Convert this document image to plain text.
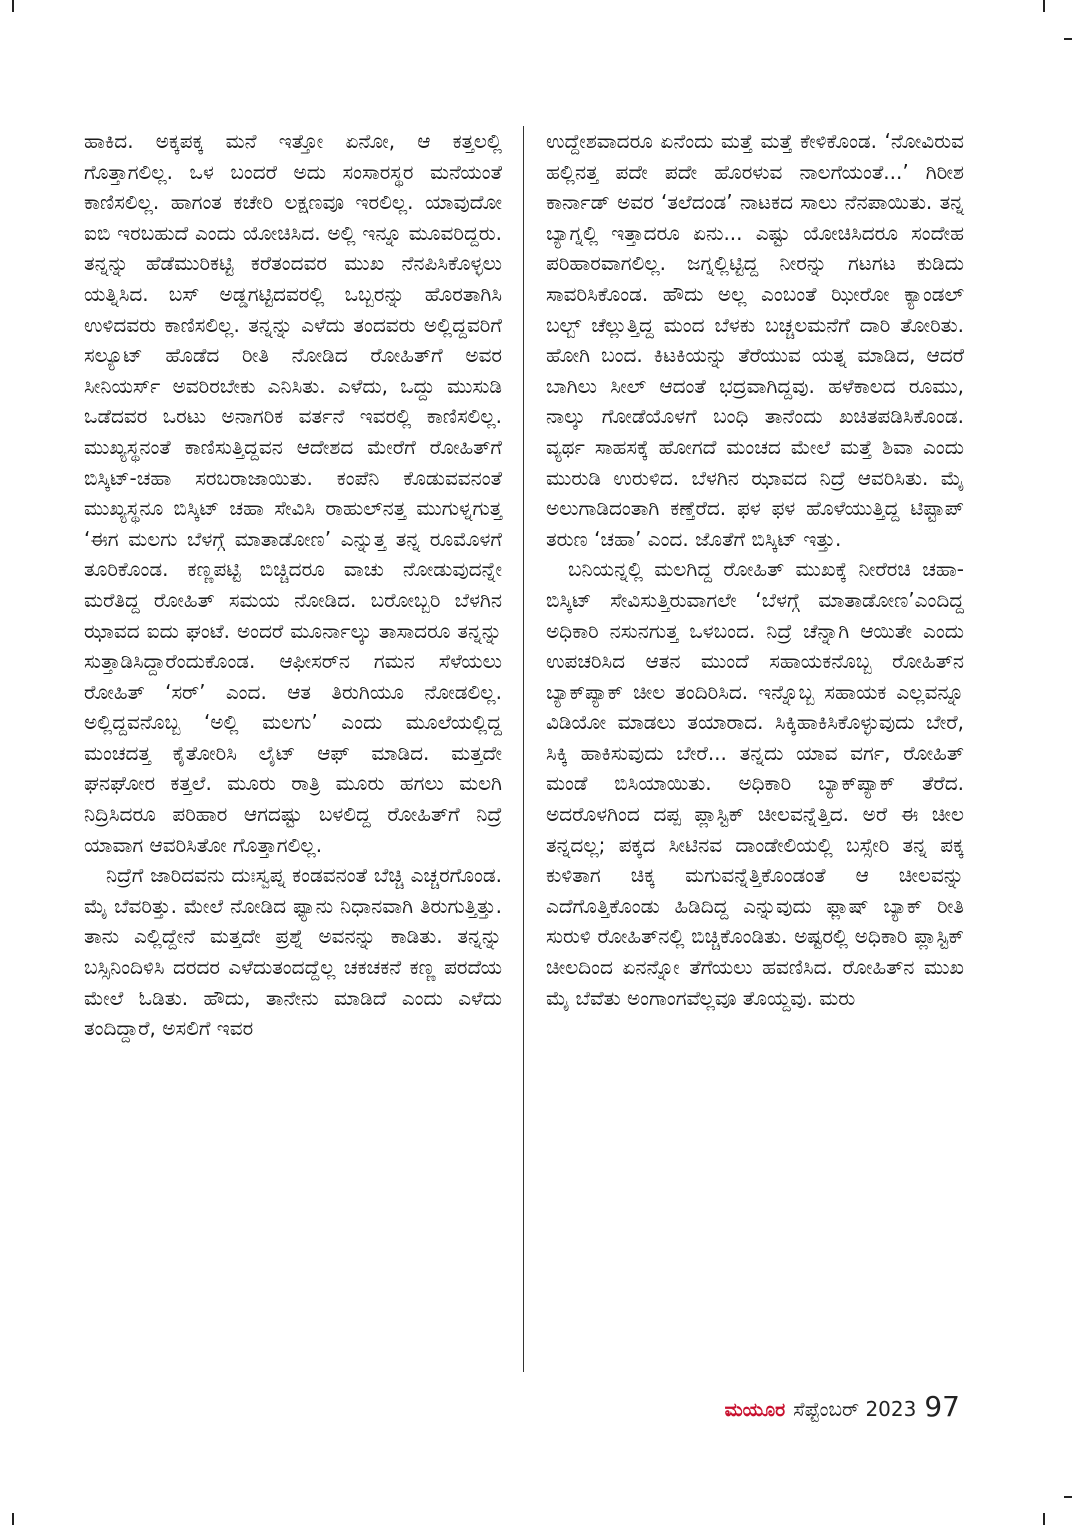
ಹಾಕಿದ. ಅಕ್ಕಪಕ್ಕ ಮನೆ ಇತ್ತೋ ಏನೋ, ಆ ಕತ್ತಲಲ್ಲಿ ಗೊತ್ತಾಗಲಿಲ್ಲ. ಒಳ ಬಂದರೆ ಅದು ಸಂಸಾರಸ್ಥರ ಮನೆಯಂತೆ ಕಾಣಿಸಲಿಲ್ಲ. ಹಾಗಂತ ಕಚೇರಿ ಲಕ್ಷಣವೂ ಇರಲಿಲ್ಲ. ಯಾವುದೋ ಐಬಿ ಇರಬಹುದೆ ಎಂದು ಯೋಚಿಸಿದ. ಅಲ್ಲಿ ಇನ್ನೂ ಮೂವರಿದ್ದರು. ತನ್ನನ್ನು ಹೆಡೆಮುರಿಕಟ್ಟಿ ಕರೆತಂದವರ ಮುಖ ನೆನಪಿಸಿಕೊಳ್ಳಲು ಯತ್ನಿಸಿದ. ಬಸ್ ಅಡ್ಡಗಟ್ಟಿದವರಲ್ಲಿ ಒಬ್ಬರನ್ನು ಹೊರತಾಗಿಸಿ ಉಳಿದವರು ಕಾಣಿಸಲಿಲ್ಲ. ತನ್ನನ್ನು ಎಳೆದು ತಂದವರು ಅಲ್ಲಿದ್ದವರಿಗೆ ಸಲ್ಯೂಟ್ ಹೊಡೆದ ರೀತಿ ನೋಡಿದ ರೋಹಿತ್‌ಗೆ ಅವರ ಸೀನಿಯರ್ಸ್ ಅವರಿರಬೇಕು ಎನಿಸಿತು. ಎಳೆದು, ಒದ್ದು ಮುಸುಡಿ ಒಡೆದವರ ಒರಟು ಅನಾಗರಿಕ ವರ್ತನೆ ಇವರಲ್ಲಿ ಕಾಣಿಸಲಿಲ್ಲ. ಮುಖ್ಯಸ್ಥನಂತೆ ಕಾಣಿಸುತ್ತಿದ್ದವನ ಆದೇಶದ ಮೇರೆಗೆ ರೋಹಿತ್‌ಗೆ ಬಿಸ್ಕಿಟ್-ಚಹಾ ಸರಬರಾಜಾಯಿತು. ಕಂಪೆನಿ ಕೊಡುವವನಂತೆ ಮುಖ್ಯಸ್ಥನೂ ಬಿಸ್ಕಿಟ್ ಚಹಾ ಸೇವಿಸಿ ರಾಹುಲ್‌ನತ್ತ ಮುಗುಳ್ನಗುತ್ತ ‘ಈಗ ಮಲಗು ಬೆಳಗ್ಗೆ ಮಾತಾಡೋಣ’ ಎನ್ನುತ್ತ ತನ್ನ ರೂಮೊಳಗೆ ತೂರಿಕೊಂಡ. ಕಣ್ಣಪಟ್ಟಿ ಬಿಚ್ಚಿದರೂ ವಾಚು ನೋಡುವುದನ್ನೇ ಮರೆತಿದ್ದ ರೋಹಿತ್ ಸಮಯ ನೋಡಿದ. ಬರೋಬ್ಬರಿ ಬೆಳಗಿನ ಝಾವದ ಐದು ಘಂಟೆ. ಅಂದರೆ ಮೂರ್ನಾಲ್ಕು ತಾಸಾದರೂ ತನ್ನನ್ನು ಸುತ್ತಾಡಿಸಿದ್ದಾರೆಂದುಕೊಂಡ. ಆಫೀಸರ್‌ನ ಗಮನ ಸೆಳೆಯಲು ರೋಹಿತ್ ‘ಸರ್’ ಎಂದ. ಆತ ತಿರುಗಿಯೂ ನೋಡಲಿಲ್ಲ. ಅಲ್ಲಿದ್ದವನೊಬ್ಬ ‘ಅಲ್ಲಿ ಮಲಗು’ ಎಂದು ಮೂಲೆಯಲ್ಲಿದ್ದ ಮಂಚದತ್ತ ಕೈತೋರಿಸಿ ಲೈಟ್ ಆಫ್ ಮಾಡಿದ. ಮತ್ತದೇ ಘನಘೋರ ಕತ್ತಲೆ. ಮೂರು ರಾತ್ರಿ ಮೂರು ಹಗಲು ಮಲಗಿ ನಿದ್ರಿಸಿದರೂ ಪರಿಹಾರ ಆಗದಷ್ಟು ಬಳಲಿದ್ದ ರೋಹಿತ್‌ಗೆ ನಿದ್ರೆ ಯಾವಾಗ ಆವರಿಸಿತೋ ಗೊತ್ತಾಗಲಿಲ್ಲ.

ನಿದ್ರೆಗೆ ಜಾರಿದವನು ದುಃಸ್ವಪ್ನ ಕಂಡವನಂತೆ ಬೆಚ್ಚಿ ಎಚ್ಚರಗೊಂಡ. ಮೈ ಬೆವರಿತ್ತು. ಮೇಲೆ ನೋಡಿದ ಫ್ಯಾನು ನಿಧಾನವಾಗಿ ತಿರುಗುತ್ತಿತ್ತು. ತಾನು ಎಲ್ಲಿದ್ದೇನೆ ಮತ್ತದೇ ಪ್ರಶ್ನೆ ಅವನನ್ನು ಕಾಡಿತು. ತನ್ನನ್ನು ಬಸ್ಸಿನಿಂದಿಳಿಸಿ ದರದರ ಎಳೆದುತಂದದ್ದೆಲ್ಲ ಚಕಚಕನೆ ಕಣ್ಣ ಪರದೆಯ ಮೇಲೆ ಓಡಿತು. ಹೌದು, ತಾನೇನು ಮಾಡಿದೆ ಎಂದು ಎಳೆದು ತಂದಿದ್ದಾರೆ, ಅಸಲಿಗೆ ಇವರ

ಉದ್ದೇಶವಾದರೂ ಏನೆಂದು ಮತ್ತೆ ಮತ್ತೆ ಕೇಳಿಕೊಂಡ. ‘ನೋವಿರುವ ಹಲ್ಲಿನತ್ತ ಪದೇ ಪದೇ ಹೊರಳುವ ನಾಲಗೆಯಂತೆ...’ ಗಿರೀಶ ಕಾರ್ನಾಡ್ ಅವರ ‘ತಲೆದಂಡ’ ನಾಟಕದ ಸಾಲು ನೆನಪಾಯಿತು. ತನ್ನ ಬ್ಯಾಗ್ನಲ್ಲಿ ಇತ್ತಾದರೂ ಏನು... ಎಷ್ಟು ಯೋಚಿಸಿದರೂ ಸಂದೇಹ ಪರಿಹಾರವಾಗಲಿಲ್ಲ. ಜಗ್ನಲ್ಲಿಟ್ಟಿದ್ದ ನೀರನ್ನು ಗಟಗಟ ಕುಡಿದು ಸಾವರಿಸಿಕೊಂಡ. ಹೌದು ಅಲ್ಲ ಎಂಬಂತೆ ಝೀರೋ ಕ್ಯಾಂಡಲ್ ಬಲ್ಬ್ ಚೆಲ್ಲುತ್ತಿದ್ದ ಮಂದ ಬೆಳಕು ಬಚ್ಚಲಮನೆಗೆ ದಾರಿ ತೋರಿತು. ಹೋಗಿ ಬಂದ. ಕಿಟಕಿಯನ್ನು ತೆರೆಯುವ ಯತ್ನ ಮಾಡಿದ, ಆದರೆ ಬಾಗಿಲು ಸೀಲ್ ಆದಂತೆ ಭದ್ರವಾಗಿದ್ದವು. ಹಳೆಕಾಲದ ರೂಮು, ನಾಲ್ಕು ಗೋಡೆಯೊಳಗೆ ಬಂಧಿ ತಾನೆಂದು ಖಚಿತಪಡಿಸಿಕೊಂಡ. ವ್ಯರ್ಥ ಸಾಹಸಕ್ಕೆ ಹೋಗದೆ ಮಂಚದ ಮೇಲೆ ಮತ್ತೆ ಶಿವಾ ಎಂದು ಮುರುಡಿ ಉರುಳಿದ. ಬೆಳಗಿನ ಝಾವದ ನಿದ್ರೆ ಆವರಿಸಿತು. ಮೈ ಅಲುಗಾಡಿದಂತಾಗಿ ಕಣ್ತೆರೆದ. ಫಳ ಫಳ ಹೊಳೆಯುತ್ತಿದ್ದ ಟಿಪ್ಟಾಪ್ ತರುಣ ‘ಚಹಾ’ ಎಂದ. ಜೊತೆಗೆ ಬಿಸ್ಕಿಟ್ ಇತ್ತು.

ಬನಿಯನ್ನಲ್ಲಿ ಮಲಗಿದ್ದ ರೋಹಿತ್ ಮುಖಕ್ಕೆ ನೀರೆರಚಿ ಚಹಾ-ಬಿಸ್ಕಿಟ್ ಸೇವಿಸುತ್ತಿರುವಾಗಲೇ ‘ಬೆಳಗ್ಗೆ ಮಾತಾಡೋಣ’ಎಂದಿದ್ದ ಅಧಿಕಾರಿ ನಸುನಗುತ್ತ ಒಳಬಂದ. ನಿದ್ರೆ ಚೆನ್ನಾಗಿ ಆಯಿತೇ ಎಂದು ಉಪಚರಿಸಿದ ಆತನ ಮುಂದೆ ಸಹಾಯಕನೊಬ್ಬ ರೋಹಿತ್‌ನ ಬ್ಯಾಕ್‌ಪ್ಯಾಕ್ ಚೀಲ ತಂದಿರಿಸಿದ. ಇನ್ನೊಬ್ಬ ಸಹಾಯಕ ಎಲ್ಲವನ್ನೂ ವಿಡಿಯೋ ಮಾಡಲು ತಯಾರಾದ. ಸಿಕ್ಕಿಹಾಕಿಸಿಕೊಳ್ಳುವುದು ಬೇರೆ, ಸಿಕ್ಕಿ ಹಾಕಿಸುವುದು ಬೇರೆ... ತನ್ನದು ಯಾವ ವರ್ಗ, ರೋಹಿತ್ ಮಂಡೆ ಬಿಸಿಯಾಯಿತು. ಅಧಿಕಾರಿ ಬ್ಯಾಕ್‌ಪ್ಯಾಕ್ ತೆರೆದ. ಅದರೊಳಗಿಂದ ದಪ್ಪ ಪ್ಲಾಸ್ಟಿಕ್ ಚೀಲವನ್ನೆತ್ತಿದ. ಅರೆ ಈ ಚೀಲ ತನ್ನದಲ್ಲ; ಪಕ್ಕದ ಸೀಟಿನವ ದಾಂಡೇಲಿಯಲ್ಲಿ ಬಸ್ಸೇರಿ ತನ್ನ ಪಕ್ಕ ಕುಳಿತಾಗ ಚಿಕ್ಕ ಮಗುವನ್ನೆತ್ತಿಕೊಂಡಂತೆ ಆ ಚೀಲವನ್ನು ಎದೆಗೊತ್ತಿಕೊಂಡು ಹಿಡಿದಿದ್ದ ಎನ್ನುವುದು ಫ್ಲಾಷ್ ಬ್ಯಾಕ್ ರೀತಿ ಸುರುಳಿ ರೋಹಿತ್‌ನಲ್ಲಿ ಬಿಚ್ಚಿಕೊಂಡಿತು. ಅಷ್ಟರಲ್ಲಿ ಅಧಿಕಾರಿ ಪ್ಲಾಸ್ಟಿಕ್ ಚೀಲದಿಂದ ಏನನ್ನೋ ತೆಗೆಯಲು ಹವಣಿಸಿದ. ರೋಹಿತ್‌ನ ಮುಖ ಮೈ ಬೆವೆತು ಅಂಗಾಂಗವೆಲ್ಲವೂ ತೊಯ್ದವು. ಮರು

ಮಯೂರ ಸೆಪ್ಟೆಂಬರ್ 2023 97
